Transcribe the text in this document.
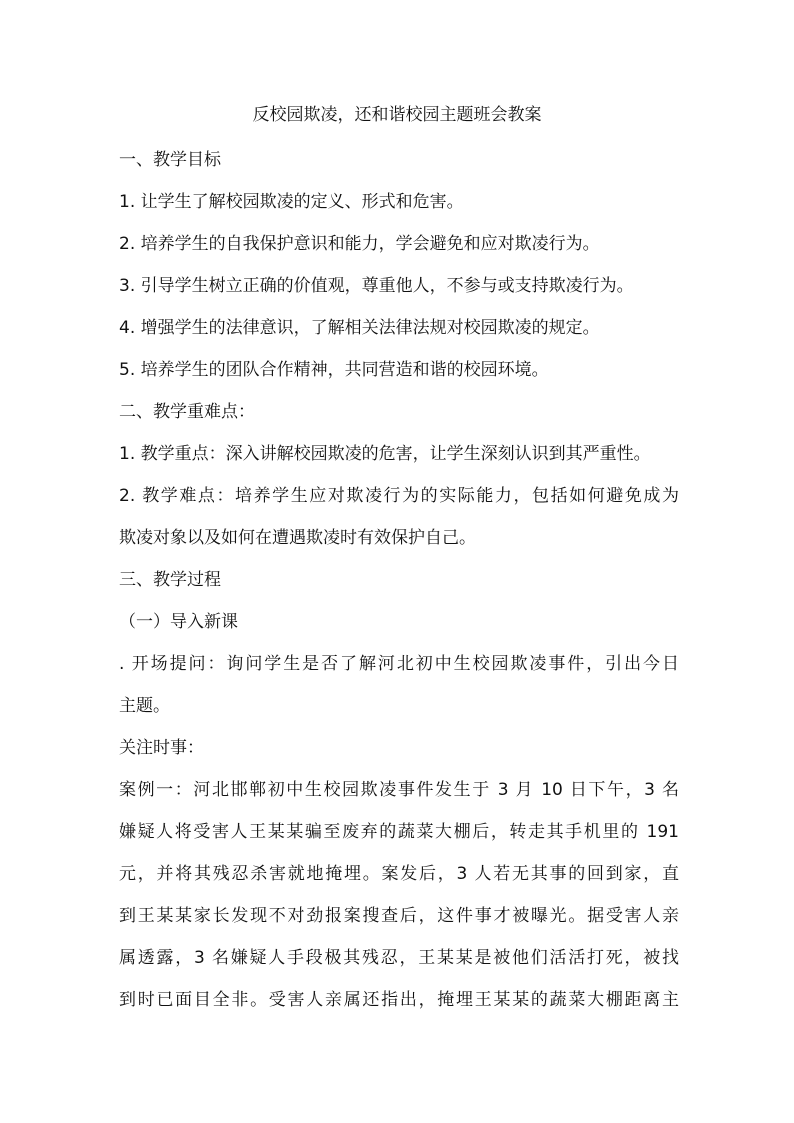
反校园欺凌，还和谐校园主题班会教案
一、教学目标
1. 让学生了解校园欺凌的定义、形式和危害。
2. 培养学生的自我保护意识和能力，学会避免和应对欺凌行为。
3. 引导学生树立正确的价值观，尊重他人，不参与或支持欺凌行为。
4. 增强学生的法律意识，了解相关法律法规对校园欺凌的规定。
5. 培养学生的团队合作精神，共同营造和谐的校园环境。
二、教学重难点：
1. 教学重点：深入讲解校园欺凌的危害，让学生深刻认识到其严重性。
2. 教学难点：培养学生应对欺凌行为的实际能力，包括如何避免成为
欺凌对象以及如何在遭遇欺凌时有效保护自己。
三、教学过程
（一）导入新课
. 开场提问：询问学生是否了解河北初中生校园欺凌事件，引出今日
主题。
关注时事：
案例一：河北邯郸初中生校园欺凌事件发生于 3 月 10 日下午，3 名
嫌疑人将受害人王某某骗至废弃的蔬菜大棚后，转走其手机里的 191
元，并将其残忍杀害就地掩埋。案发后，3 人若无其事的回到家，直
到王某某家长发现不对劲报案搜查后，这件事才被曝光。据受害人亲
属透露，3 名嫌疑人手段极其残忍，王某某是被他们活活打死，被找
到时已面目全非。受害人亲属还指出，掩埋王某某的蔬菜大棚距离主
